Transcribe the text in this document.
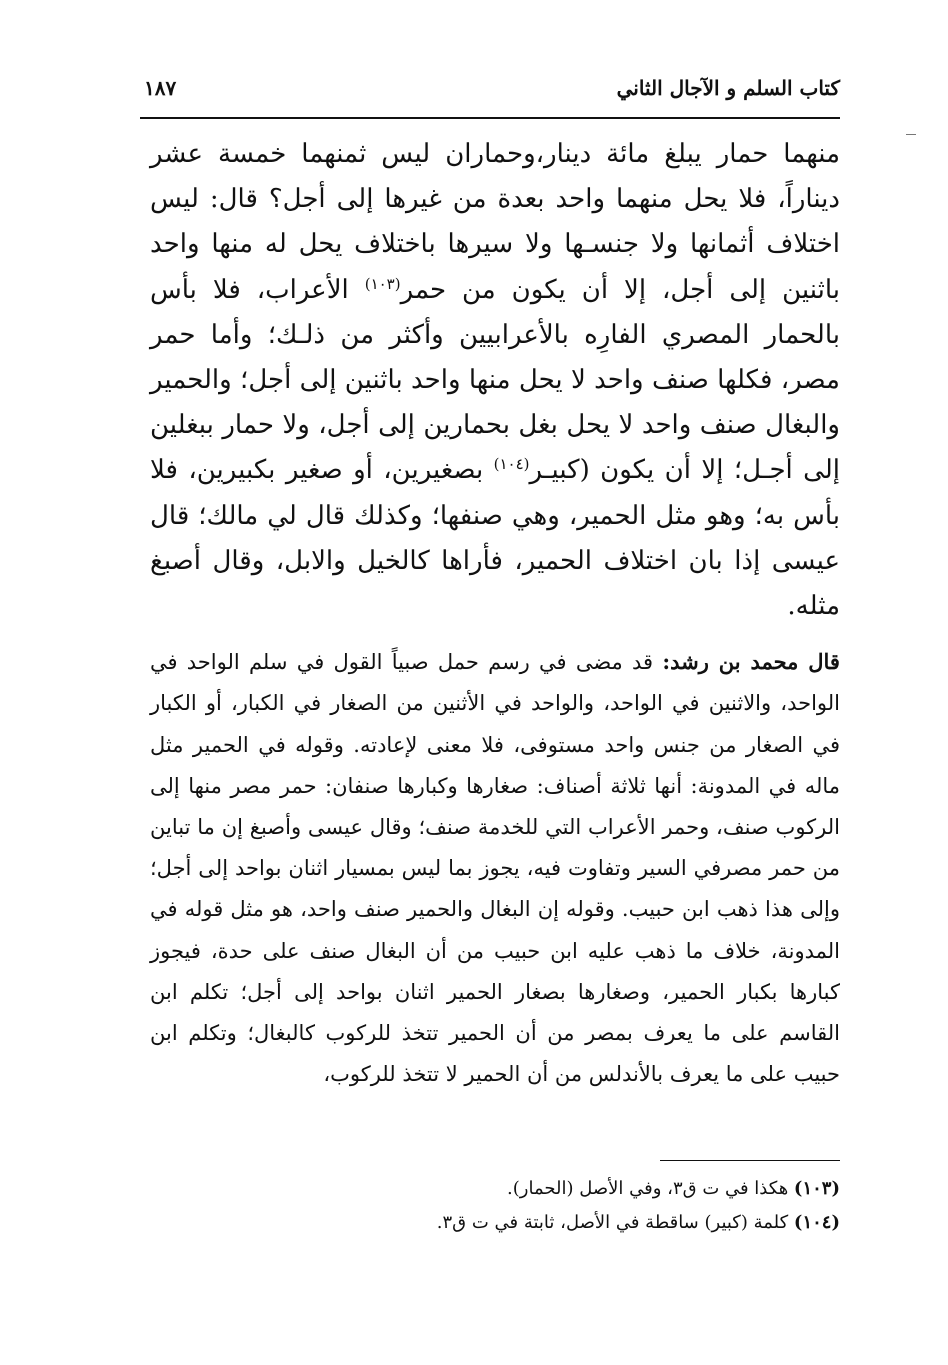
كتاب السلم و الآجال الثاني
١٨٧

منهما حمار يبلغ مائة دينار،وحماران ليس ثمنهما خمسة عشر ديناراً، فلا يحل منهما واحد بعدة من غيرها إلى أجل؟ قال: ليس اختلاف أثمانها ولا جنسـها ولا سيرها باختلاف يحل له منها واحد باثنين إلى أجل، إلا أن يكون من حمر$^{(١٠٣)}$ الأعراب، فلا بأس بالحمار المصري الفارِه بالأعرابيين وأكثر من ذلـك؛ وأما حمر مصر، فكلها صنف واحد لا يحل منها واحد باثنين إلى أجل؛ والحمير والبغال صنف واحد لا يحل بغل بحمارين إلى أجل، ولا حمار ببغلين إلى أجـل؛ إلا أن يكون (كبيـر$^{(١٠٤)}$ بصغيرين، أو صغير بكبيرين، فلا بأس به؛ وهو مثل الحمير، وهي صنفها؛ وكذلك قال لي مالك؛ قال عيسى إذا بان اختلاف الحمير، فأراها كالخيل والابل، وقال أصبغ مثله.

قال محمد بن رشد: قد مضى في رسم حمل صبياً القول في سلم الواحد في الواحد، والاثنين في الواحد، والواحد في الأثنين من الصغار في الكبار، أو الكبار في الصغار من جنس واحد مستوفى، فلا معنى لإعادته. وقوله في الحمير مثل ماله في المدونة: أنها ثلاثة أصناف: صغارها وكبارها صنفان: حمر مصر منها إلى الركوب صنف، وحمر الأعراب التي للخدمة صنف؛ وقال عيسى وأصبغ إن ما تباين من حمر مصرفي السير وتفاوت فيه، يجوز بما ليس بمسيار اثنان بواحد إلى أجل؛ وإلى هذا ذهب ابن حبيب. وقوله إن البغال والحمير صنف واحد، هو مثل قوله في المدونة، خلاف ما ذهب عليه ابن حبيب من أن البغال صنف على حدة، فيجوز كبارها بكبار الحمير، وصغارها بصغار الحمير اثنان بواحد إلى أجل؛ تكلم ابن القاسم على ما يعرف بمصر من أن الحمير تتخذ للركوب كالبغال؛ وتكلم ابن حبيب على ما يعرف بالأندلس من أن الحمير لا تتخذ للركوب،

(١٠٣) هكذا في ت ق٣، وفي الأصل (الحمار).

(١٠٤) كلمة (كبير) ساقطة في الأصل، ثابتة في ت ق٣.
